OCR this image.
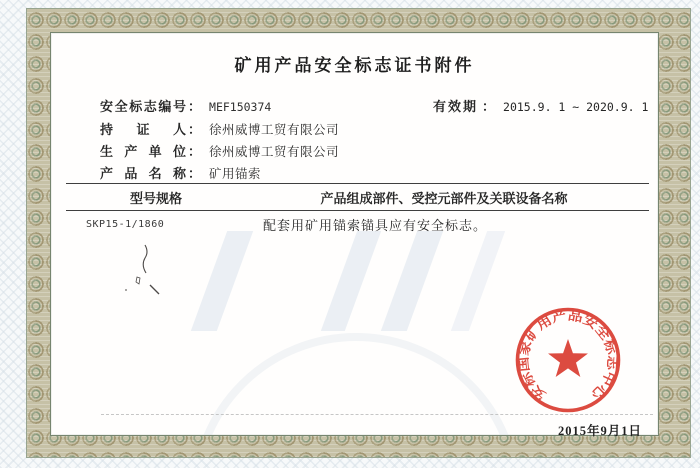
矿用产品安全标志证书附件
安全标志编号 ： MEF150374	有效期 ： 2015.9. 1 ~ 2020.9. 1
持证人 ： 徐州威博工贸有限公司
生产单位 ： 徐州威博工贸有限公司
产品名称 ： 矿用锚索
型号规格	产品组成部件、受控元部件及关联设备名称
SKP15-1/1860	配套用矿用锚索锚具应有安全标志。
安标国家矿用产品安全标志中心
2015年9月1日
